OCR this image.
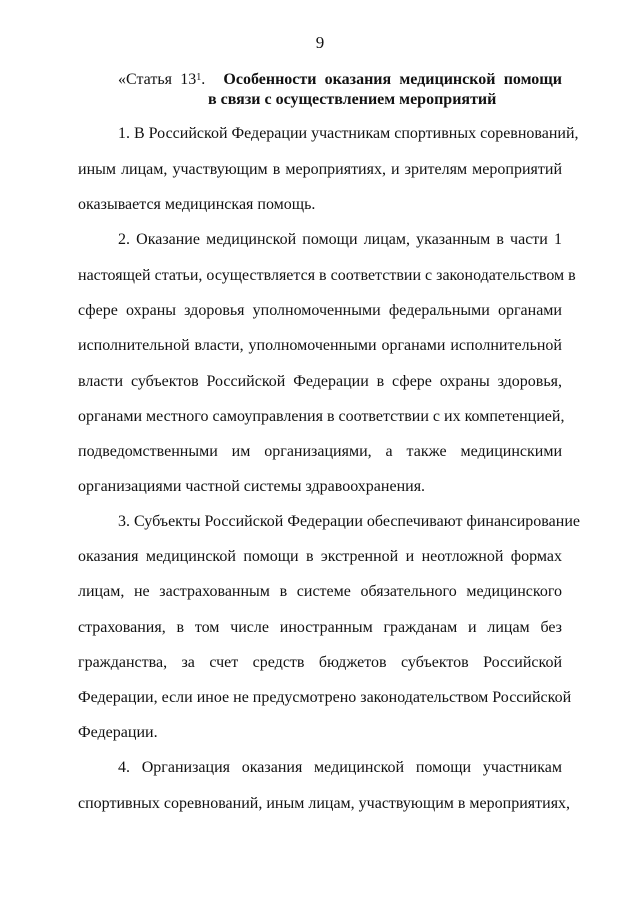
9
«Статья $13^1$. Особенности оказания медицинской помощи
в связи с осуществлением мероприятий
1. В Российской Федерации участникам спортивных соревнований,
иным лицам, участвующим в мероприятиях, и зрителям мероприятий
оказывается медицинская помощь.
2. Оказание медицинской помощи лицам, указанным в части 1
настоящей статьи, осуществляется в соответствии с законодательством в
сфере охраны здоровья уполномоченными федеральными органами
исполнительной власти, уполномоченными органами исполнительной
власти субъектов Российской Федерации в сфере охраны здоровья,
органами местного самоуправления в соответствии с их компетенцией,
подведомственными им организациями, а также медицинскими
организациями частной системы здравоохранения.
3. Субъекты Российской Федерации обеспечивают финансирование
оказания медицинской помощи в экстренной и неотложной формах
лицам, не застрахованным в системе обязательного медицинского
страхования, в том числе иностранным гражданам и лицам без
гражданства, за счет средств бюджетов субъектов Российской
Федерации, если иное не предусмотрено законодательством Российской
Федерации.
4. Организация оказания медицинской помощи участникам
спортивных соревнований, иным лицам, участвующим в мероприятиях,
